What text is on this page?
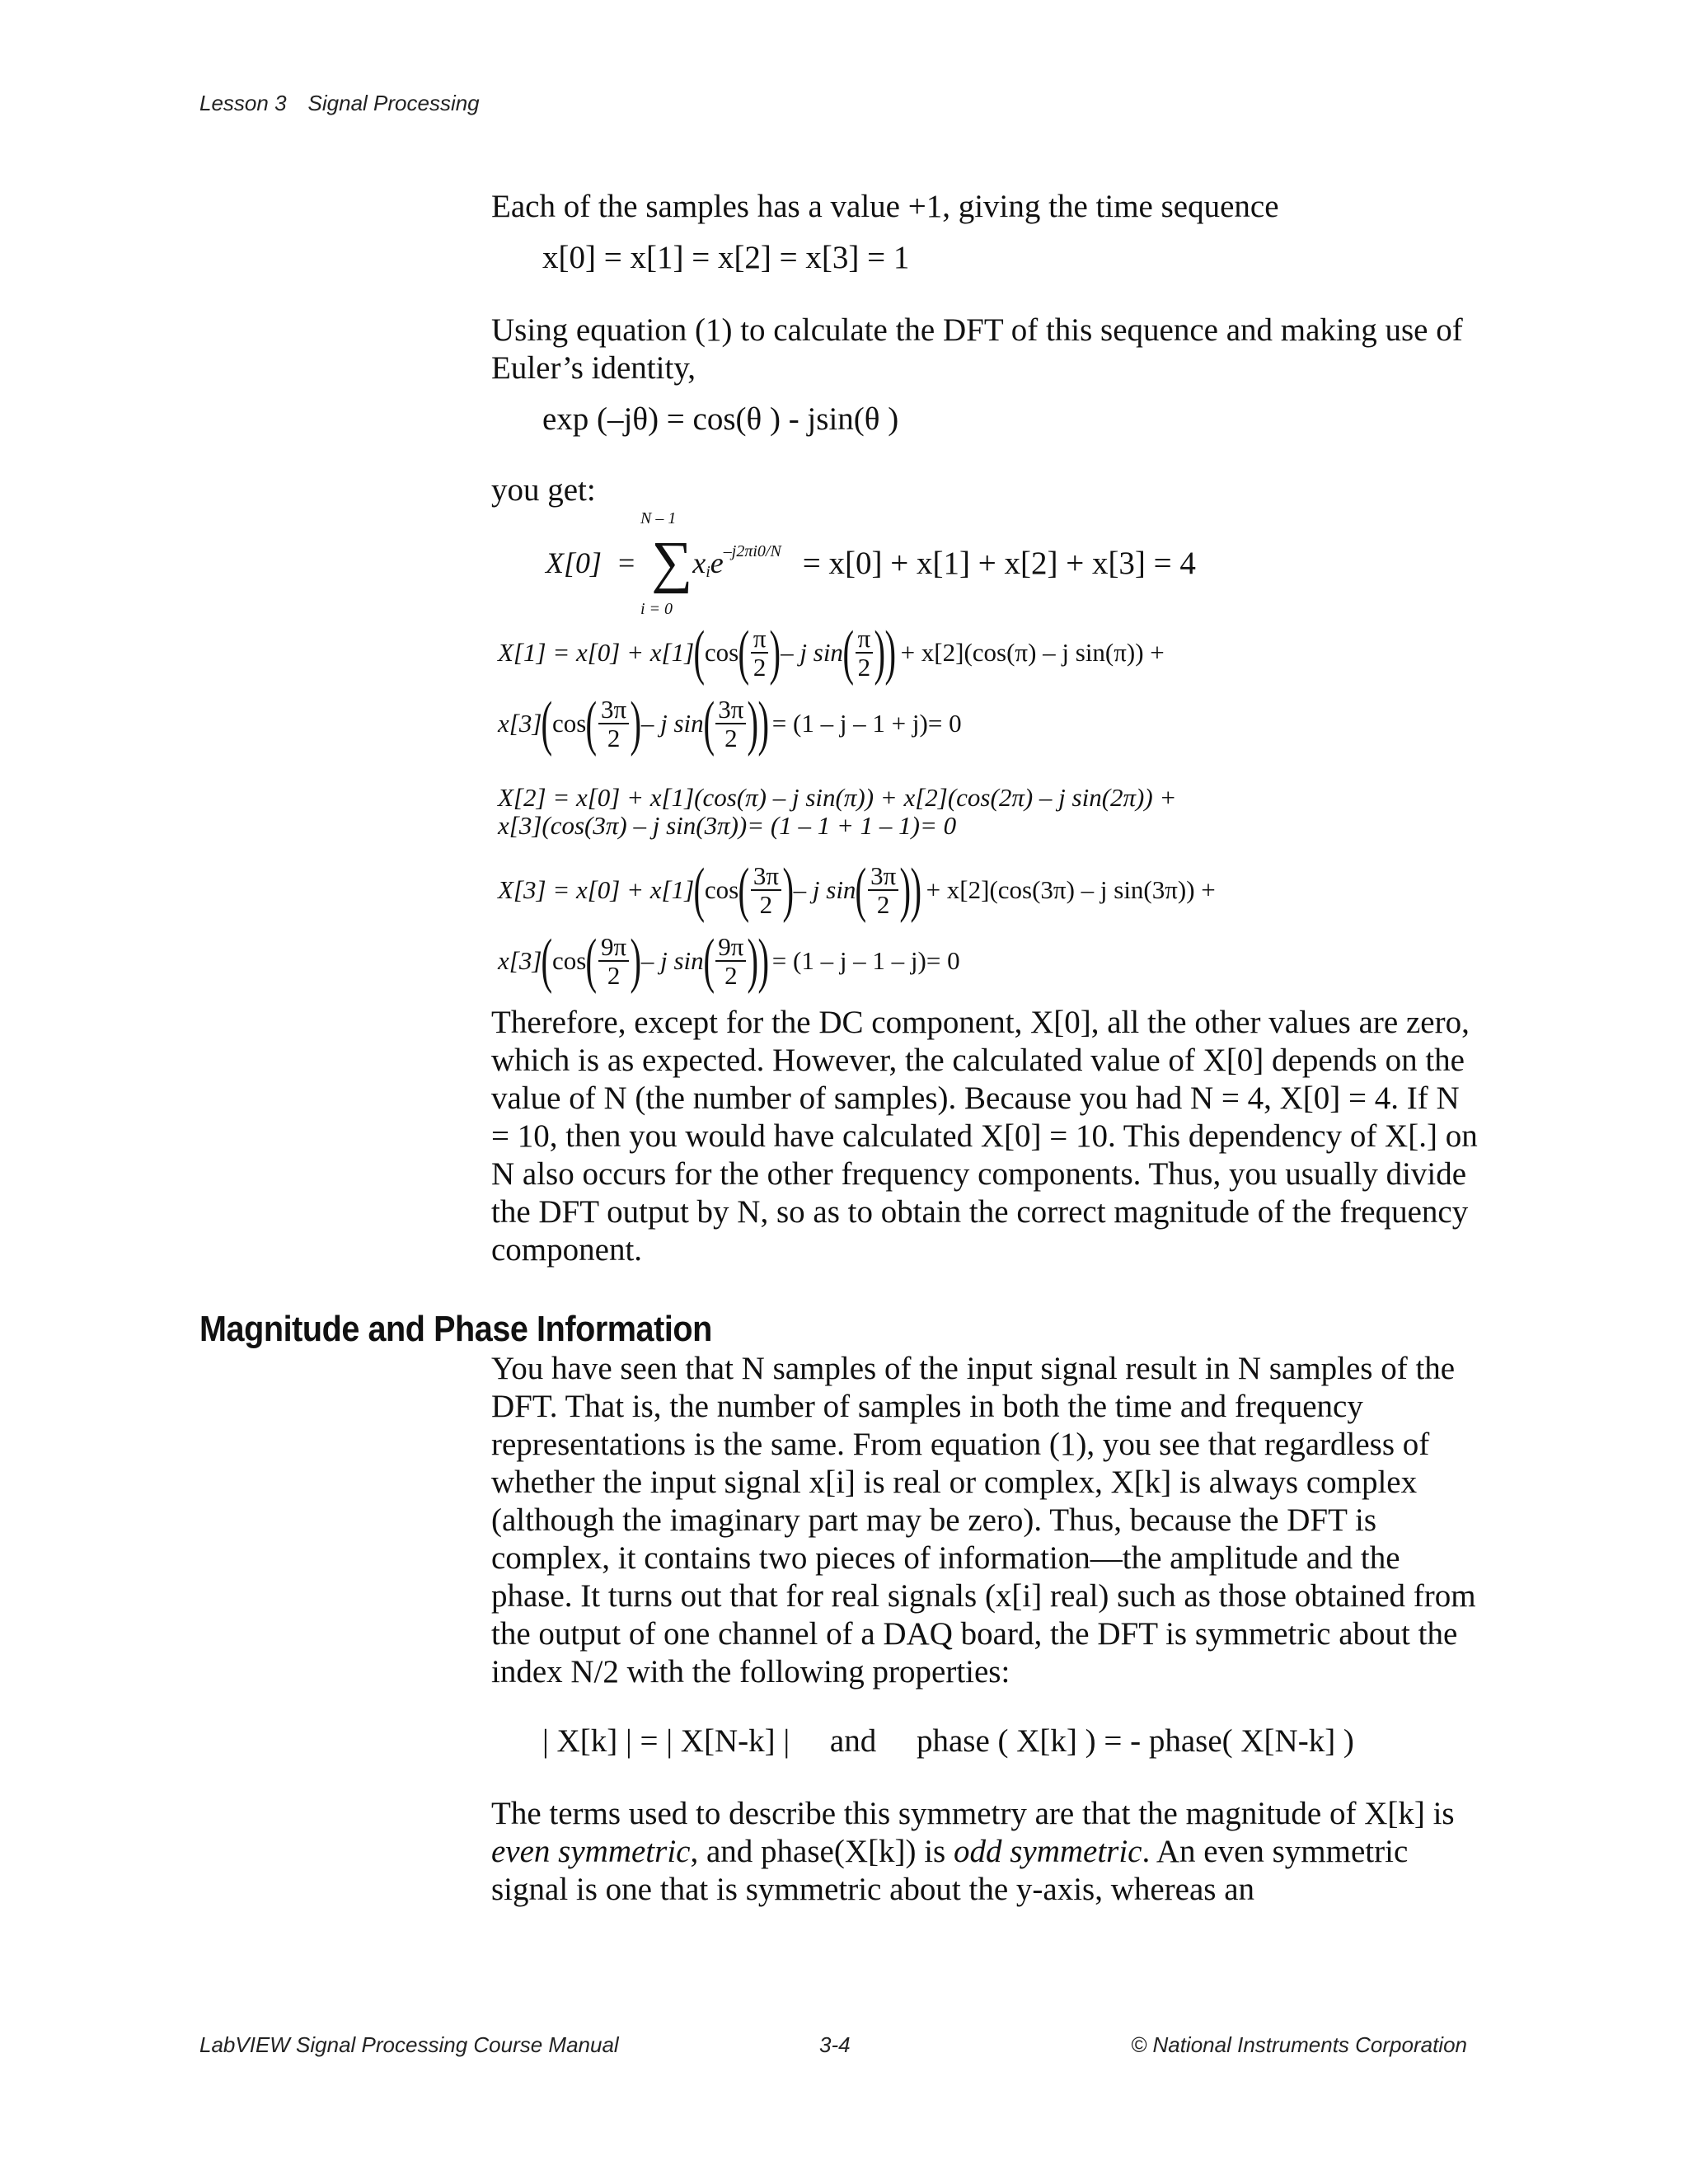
Lesson 3 Signal Processing

Each of the samples has a value +1, giving the time sequence

x[0] = x[1] = x[2] = x[3] = 1

Using equation (1) to calculate the DFT of this sequence and making use of Euler’s identity,

exp (–jθ) = cos(θ ) - jsin(θ )

you get:

X[0] = ∑ x i e –j2πi0/N = x[0] + x[1] + x[2] + x[3] = 4
N – 1
i = 0
X[1] = x[0] + x[1] ( cos ( $\frac{\pi}{2}$ ) – j sin ( $\frac{\pi}{2}$ ) ) + x[2](cos(π) – j sin(π)) +
x[3] ( cos ( $\frac{3\pi}{2}$ ) – j sin ( $\frac{3\pi}{2}$ ) ) = (1 – j – 1 + j)= 0
X[2] = x[0] + x[1](cos(π) – j sin(π)) + x[2](cos(2π) – j sin(2π)) +
x[3](cos(3π) – j sin(3π))= (1 – 1 + 1 – 1)= 0
X[3] = x[0] + x[1] ( cos ( $\frac{3\pi}{2}$ ) – j sin ( $\frac{3\pi}{2}$ ) ) + x[2](cos(3π) – j sin(3π)) +
x[3] ( cos ( $\frac{9\pi}{2}$ ) – j sin ( $\frac{9\pi}{2}$ ) ) = (1 – j – 1 – j)= 0

Therefore, except for the DC component, X[0], all the other values are zero, which is as expected. However, the calculated value of X[0] depends on the value of N (the number of samples). Because you had N = 4, X[0] = 4. If N = 10, then you would have calculated X[0] = 10. This dependency of X[.] on N also occurs for the other frequency components. Thus, you usually divide the DFT output by N, so as to obtain the correct magnitude of the frequency component.

Magnitude and Phase Information

You have seen that N samples of the input signal result in N samples of the DFT. That is, the number of samples in both the time and frequency representations is the same. From equation (1), you see that regardless of whether the input signal x[i] is real or complex, X[k] is always complex (although the imaginary part may be zero). Thus, because the DFT is complex, it contains two pieces of information—the amplitude and the phase. It turns out that for real signals (x[i] real) such as those obtained from the output of one channel of a DAQ board, the DFT is symmetric about the index N/2 with the following properties:

| X[k] | = | X[N-k] |     and     phase ( X[k] ) = - phase( X[N-k] )

The terms used to describe this symmetry are that the magnitude of X[k] is even symmetric, and phase(X[k]) is odd symmetric. An even symmetric signal is one that is symmetric about the y-axis, whereas an

LabVIEW Signal Processing Course Manual	3-4	© National Instruments Corporation
